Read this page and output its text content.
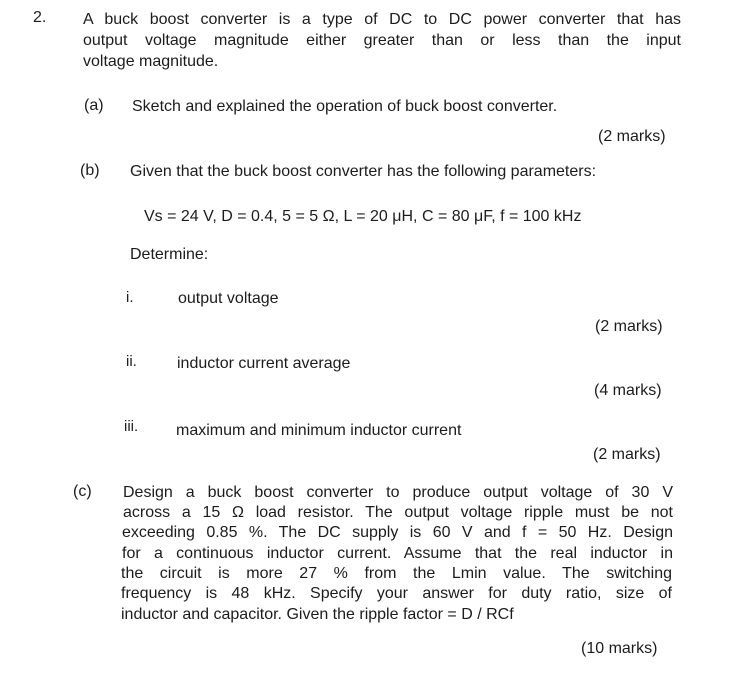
2. A buck boost converter is a type of DC to DC power converter that has
output voltage magnitude either greater than or less than the input
voltage magnitude.
(a) Sketch and explained the operation of buck boost converter.
(2 marks)
(b) Given that the buck boost converter has the following parameters:
Vs = 24 V, D = 0.4, 5 = 5 Ω, L = 20 μH, C = 80 μF, f = 100 kHz
Determine:
i.	output voltage
(2 marks)
ii.	inductor current average
(4 marks)
iii. maximum and minimum inductor current
(2 marks)
(c) Design a buck boost converter to produce output voltage of 30 V
across a 15 Ω load resistor. The output voltage ripple must be not
exceeding 0.85 %. The DC supply is 60 V and f = 50 Hz. Design
for a continuous inductor current. Assume that the real inductor in
the circuit is more 27 % from the Lmin value. The switching
frequency is 48 kHz. Specify your answer for duty ratio, size of
inductor and capacitor. Given the ripple factor = D / RCf
(10 marks)
